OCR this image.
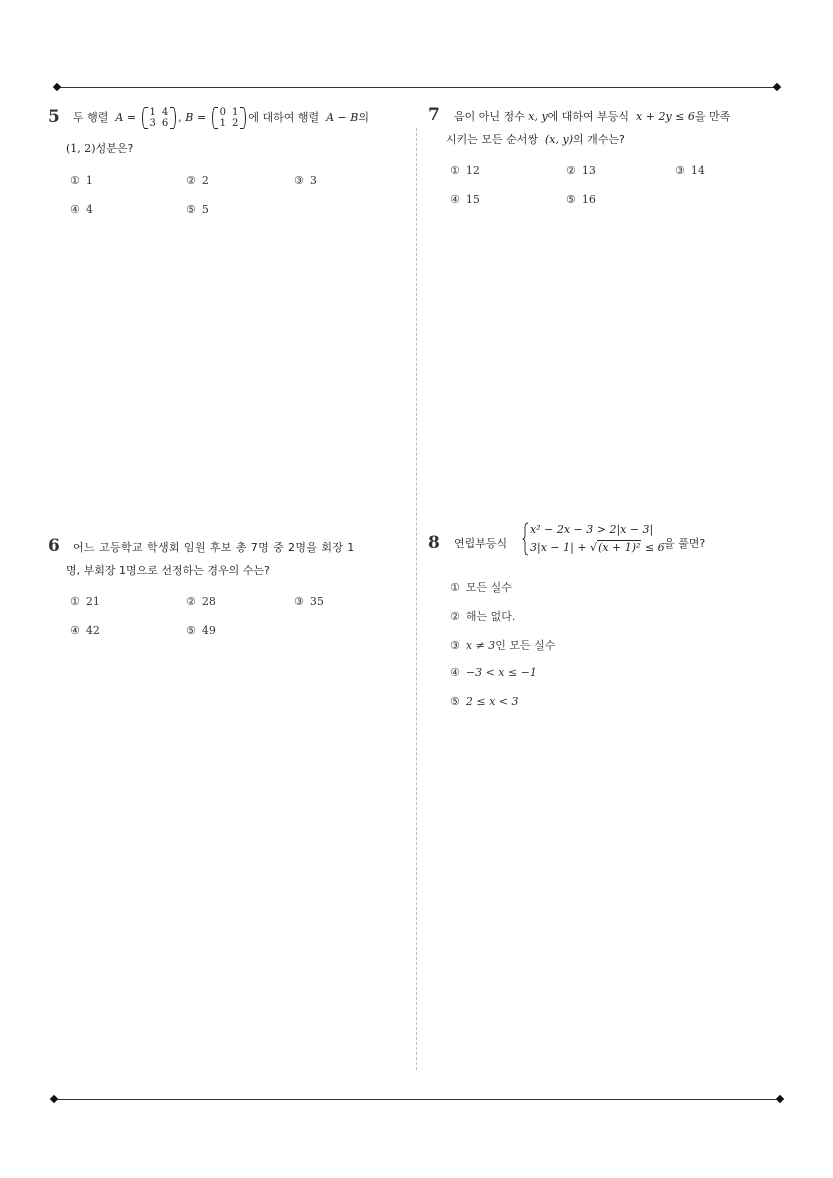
5 두 행렬 A = 1	4
3	6 , B = 0	1
1	2 에 대하여 행렬 A − B의
(1, 2)성분은?
① 1	② 2	③ 3
④ 4	⑤ 5
6 어느 고등학교 학생회 임원 후보 총 7명 중 2명을 회장 1
명, 부회장 1명으로 선정하는 경우의 수는?
① 21	② 28	③ 35
④ 42	⑤ 49
7 음이 아닌 정수 x, y에 대하여 부등식 x + 2y ≤ 6을 만족
시키는 모든 순서쌍 (x, y)의 개수는?
① 12	② 13	③ 14
④ 15	⑤ 16
8 연립부등식
x² − 2x − 3 > 2|x − 3|
3|x − 1| + √(x + 1)² ≤ 6 을 풀면?
① 모든 실수
② 해는 없다.
③ x ≠ 3인 모든 실수
④ −3 < x ≤ −1
⑤ 2 ≤ x < 3
